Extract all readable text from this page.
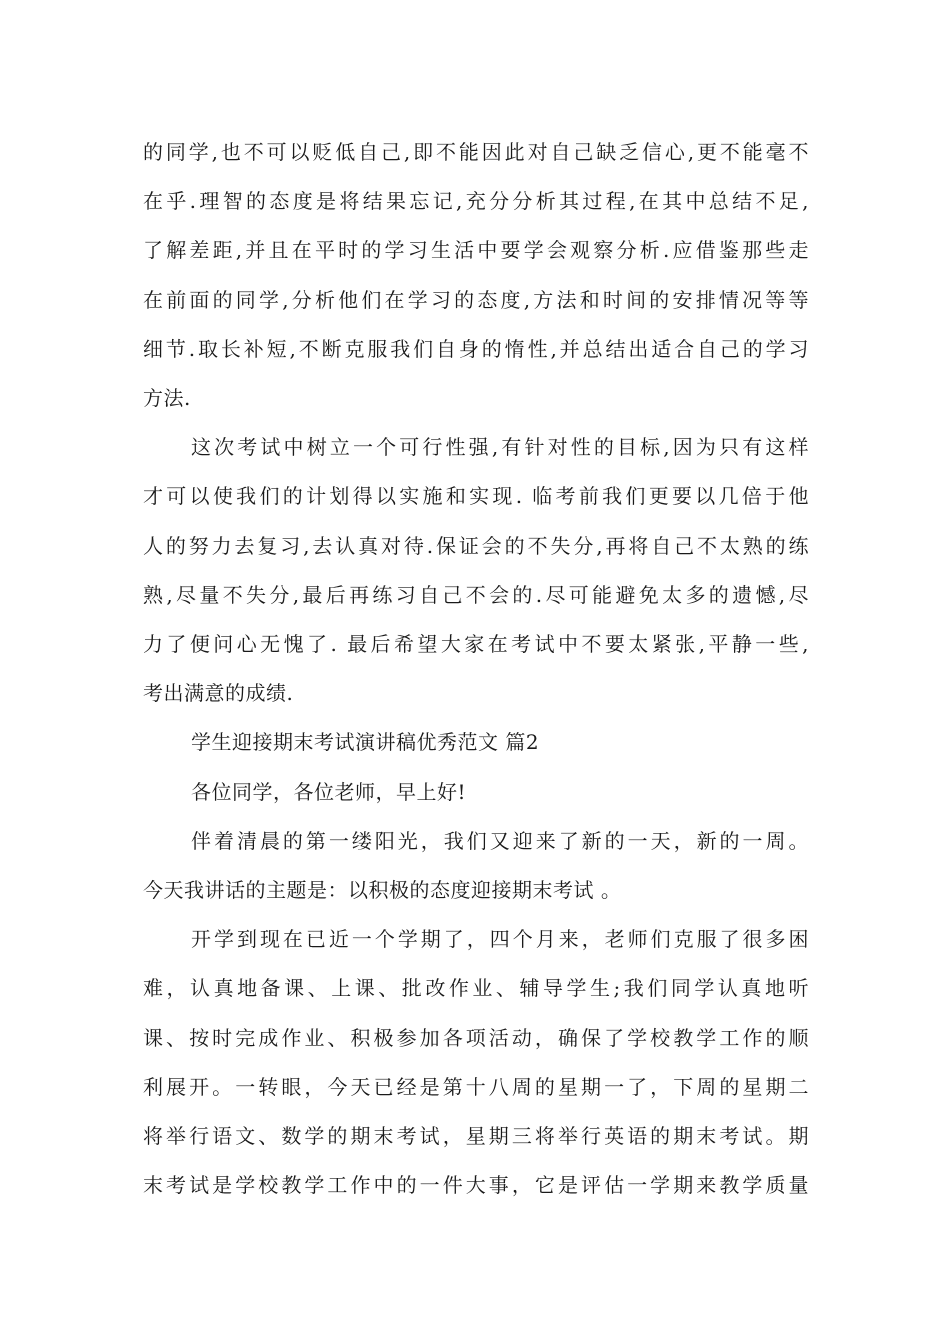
的同学,也不可以贬低自己,即不能因此对自己缺乏信心,更不能毫不
在乎.理智的态度是将结果忘记,充分分析其过程,在其中总结不足,
了解差距,并且在平时的学习生活中要学会观察分析.应借鉴那些走
在前面的同学,分析他们在学习的态度,方法和时间的安排情况等等
细节.取长补短,不断克服我们自身的惰性,并总结出适合自己的学习
方法.
这次考试中树立一个可行性强,有针对性的目标,因为只有这样
才可以使我们的计划得以实施和实现. 临考前我们更要以几倍于他
人的努力去复习,去认真对待.保证会的不失分,再将自己不太熟的练
熟,尽量不失分,最后再练习自己不会的.尽可能避免太多的遗憾,尽
力了便问心无愧了. 最后希望大家在考试中不要太紧张,平静一些,
考出满意的成绩.
学生迎接期末考试演讲稿优秀范文 篇2
各位同学，各位老师，早上好!
伴着清晨的第一缕阳光，我们又迎来了新的一天，新的一周。
今天我讲话的主题是：以积极的态度迎接期末考试 。
开学到现在已近一个学期了，四个月来，老师们克服了很多困
难，认真地备课、上课、批改作业、辅导学生;我们同学认真地听
课、按时完成作业、积极参加各项活动，确保了学校教学工作的顺
利展开。一转眼，今天已经是第十八周的星期一了，下周的星期二
将举行语文、数学的期末考试，星期三将举行英语的期末考试。期
末考试是学校教学工作中的一件大事，它是评估一学期来教学质量
